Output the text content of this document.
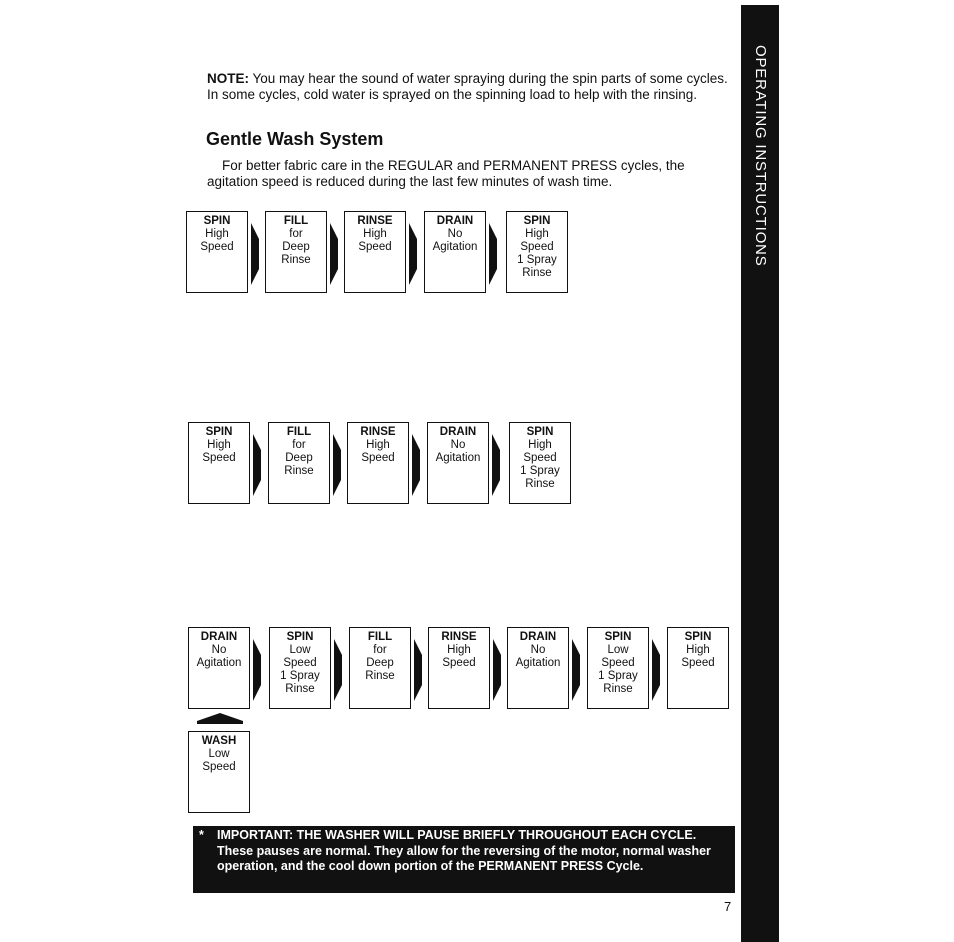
OPERATING INSTRUCTIONS
NOTE: You may hear the sound of water spraying during the spin parts of some cycles. In some cycles, cold water is sprayed on the spinning load to help with the rinsing.
Gentle Wash System
For better fabric care in the REGULAR and PERMANENT PRESS cycles, the agitation speed is reduced during the last few minutes of wash time.
* IMPORTANT: THE WASHER WILL PAUSE BRIEFLY THROUGHOUT EACH CYCLE.
These pauses are normal. They allow for the reversing of the motor, normal washer operation, and the cool down portion of the PERMANENT PRESS Cycle.
7
SPIN
High
Speed
FILL
for
Deep
Rinse
RINSE
High
Speed
DRAIN
No
Agitation
SPIN
High
Speed
1 Spray
Rinse
SPIN
High
Speed
FILL
for
Deep
Rinse
RINSE
High
Speed
DRAIN
No
Agitation
SPIN
High
Speed
1 Spray
Rinse
DRAIN
No
Agitation
SPIN
Low
Speed
1 Spray
Rinse
FILL
for
Deep
Rinse
RINSE
High
Speed
DRAIN
No
Agitation
SPIN
Low
Speed
1 Spray
Rinse
SPIN
High
Speed
WASH
Low
Speed
